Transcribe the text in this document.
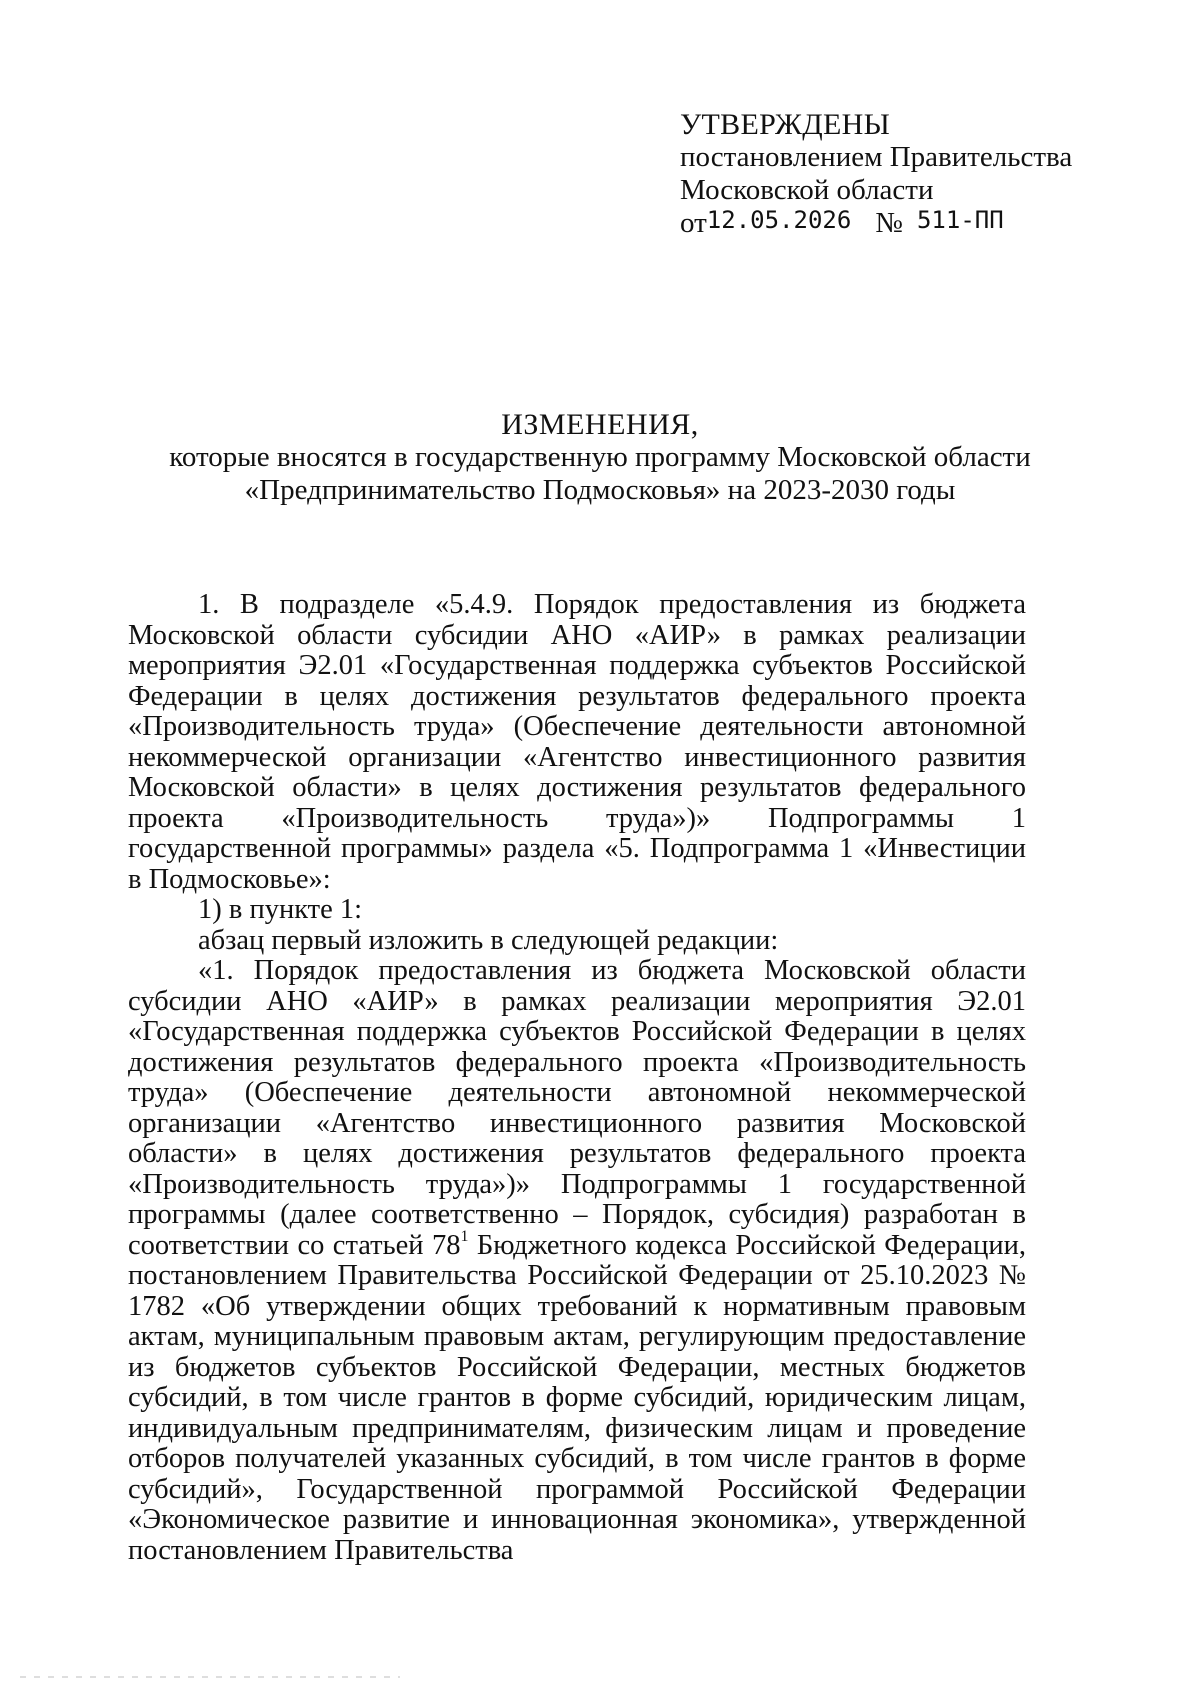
УТВЕРЖДЕНЫ
постановлением Правительства
Московской области
от12.05.2026 № 511-ПП
ИЗМЕНЕНИЯ,
которые вносятся в государственную программу Московской области
«Предпринимательство Подмосковья» на 2023-2030 годы

1. В подразделе «5.4.9. Порядок предоставления из бюджета Московской области субсидии АНО «АИР» в рамках реализации мероприятия Э2.01 «Государственная поддержка субъектов Российской Федерации в целях достижения результатов федерального проекта «Производительность труда» (Обеспечение деятельности автономной некоммерческой организации «Агентство инвестиционного развития Московской области» в целях достижения результатов федерального проекта «Производительность труда»)» Подпрограммы 1 государственной программы» раздела «5. Подпрограмма 1 «Инвестиции в Подмосковье»:

1) в пункте 1:

абзац первый изложить в следующей редакции:

«1. Порядок предоставления из бюджета Московской области субсидии АНО «АИР» в рамках реализации мероприятия Э2.01 «Государственная поддержка субъектов Российской Федерации в целях достижения результатов федерального проекта «Производительность труда» (Обеспечение деятельности автономной некоммерческой организации «Агентство инвестиционного развития Московской области» в целях достижения результатов федерального проекта «Производительность труда»)» Подпрограммы 1 государственной программы (далее соответственно – Порядок, субсидия) разработан в соответствии со статьей $78^1$ Бюджетного кодекса Российской Федерации, постановлением Правительства Российской Федерации от 25.10.2023 № 1782 «Об утверждении общих требований к нормативным правовым актам, муниципальным правовым актам, регулирующим предоставление из бюджетов субъектов Российской Федерации, местных бюджетов субсидий, в том числе грантов в форме субсидий, юридическим лицам, индивидуальным предпринимателям, физическим лицам и проведение отборов получателей указанных субсидий, в том числе грантов в форме субсидий», Государственной программой Российской Федерации «Экономическое развитие и инновационная экономика», утвержденной постановлением Правительства
